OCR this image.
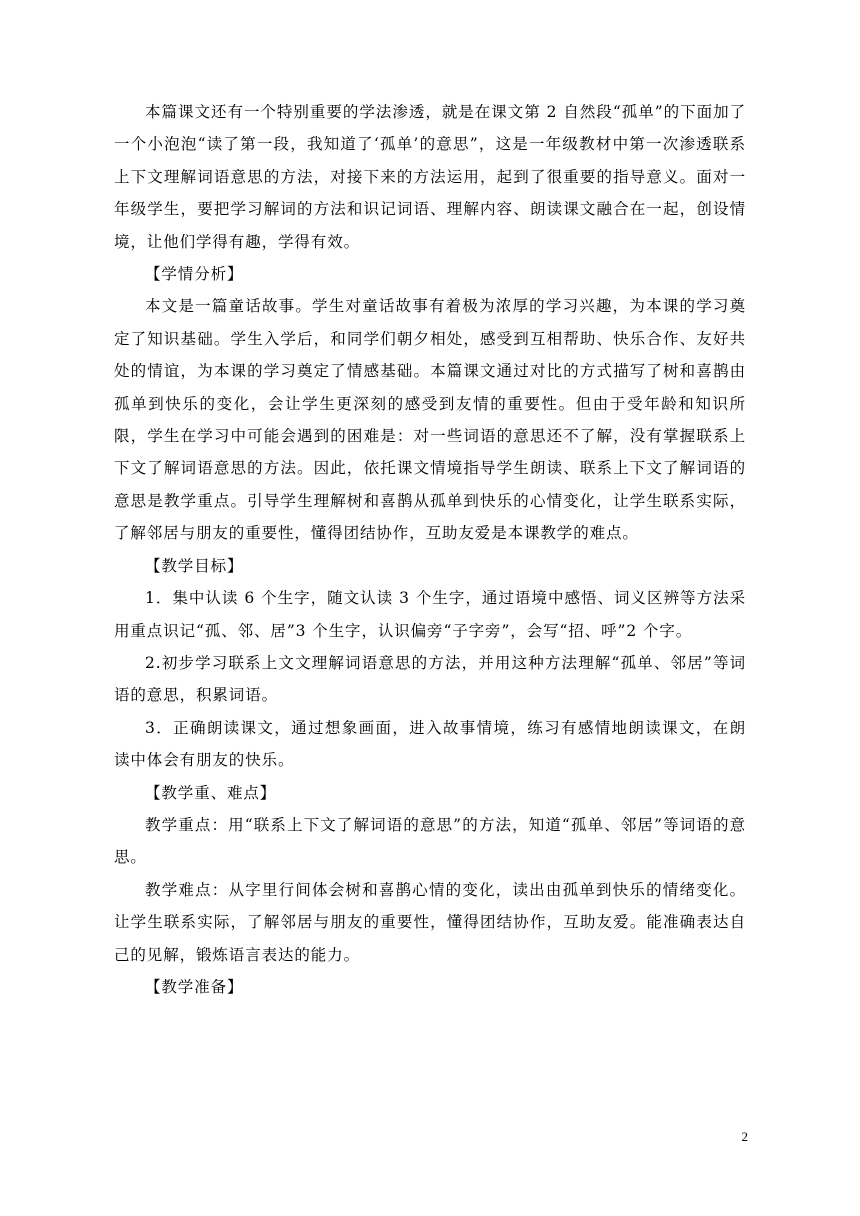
本篇课文还有一个特别重要的学法渗透，就是在课文第 2 自然段“孤单”的下面加了一个小泡泡“读了第一段，我知道了‘孤单’的意思”，这是一年级教材中第一次渗透联系上下文理解词语意思的方法，对接下来的方法运用，起到了很重要的指导意义。面对一年级学生，要把学习解词的方法和识记词语、理解内容、朗读课文融合在一起，创设情境，让他们学得有趣，学得有效。

【学情分析】

本文是一篇童话故事。学生对童话故事有着极为浓厚的学习兴趣，为本课的学习奠定了知识基础。学生入学后，和同学们朝夕相处，感受到互相帮助、快乐合作、友好共处的情谊，为本课的学习奠定了情感基础。本篇课文通过对比的方式描写了树和喜鹊由孤单到快乐的变化，会让学生更深刻的感受到友情的重要性。但由于受年龄和知识所限，学生在学习中可能会遇到的困难是：对一些词语的意思还不了解，没有掌握联系上下文了解词语意思的方法。因此，依托课文情境指导学生朗读、联系上下文了解词语的意思是教学重点。引导学生理解树和喜鹊从孤单到快乐的心情变化，让学生联系实际，了解邻居与朋友的重要性，懂得团结协作，互助友爱是本课教学的难点。

【教学目标】

1．集中认读 6 个生字，随文认读 3 个生字，通过语境中感悟、词义区辨等方法采用重点识记“孤、邻、居”3 个生字，认识偏旁“子字旁”，会写“招、呼”2 个字。

2.初步学习联系上文文理解词语意思的方法，并用这种方法理解“孤单、邻居”等词语的意思，积累词语。

3．正确朗读课文，通过想象画面，进入故事情境，练习有感情地朗读课文，在朗读中体会有朋友的快乐。

【教学重、难点】

教学重点：用“联系上下文了解词语的意思”的方法，知道“孤单、邻居”等词语的意思。

教学难点：从字里行间体会树和喜鹊心情的变化，读出由孤单到快乐的情绪变化。让学生联系实际，了解邻居与朋友的重要性，懂得团结协作，互助友爱。能准确表达自己的见解，锻炼语言表达的能力。

【教学准备】

2
